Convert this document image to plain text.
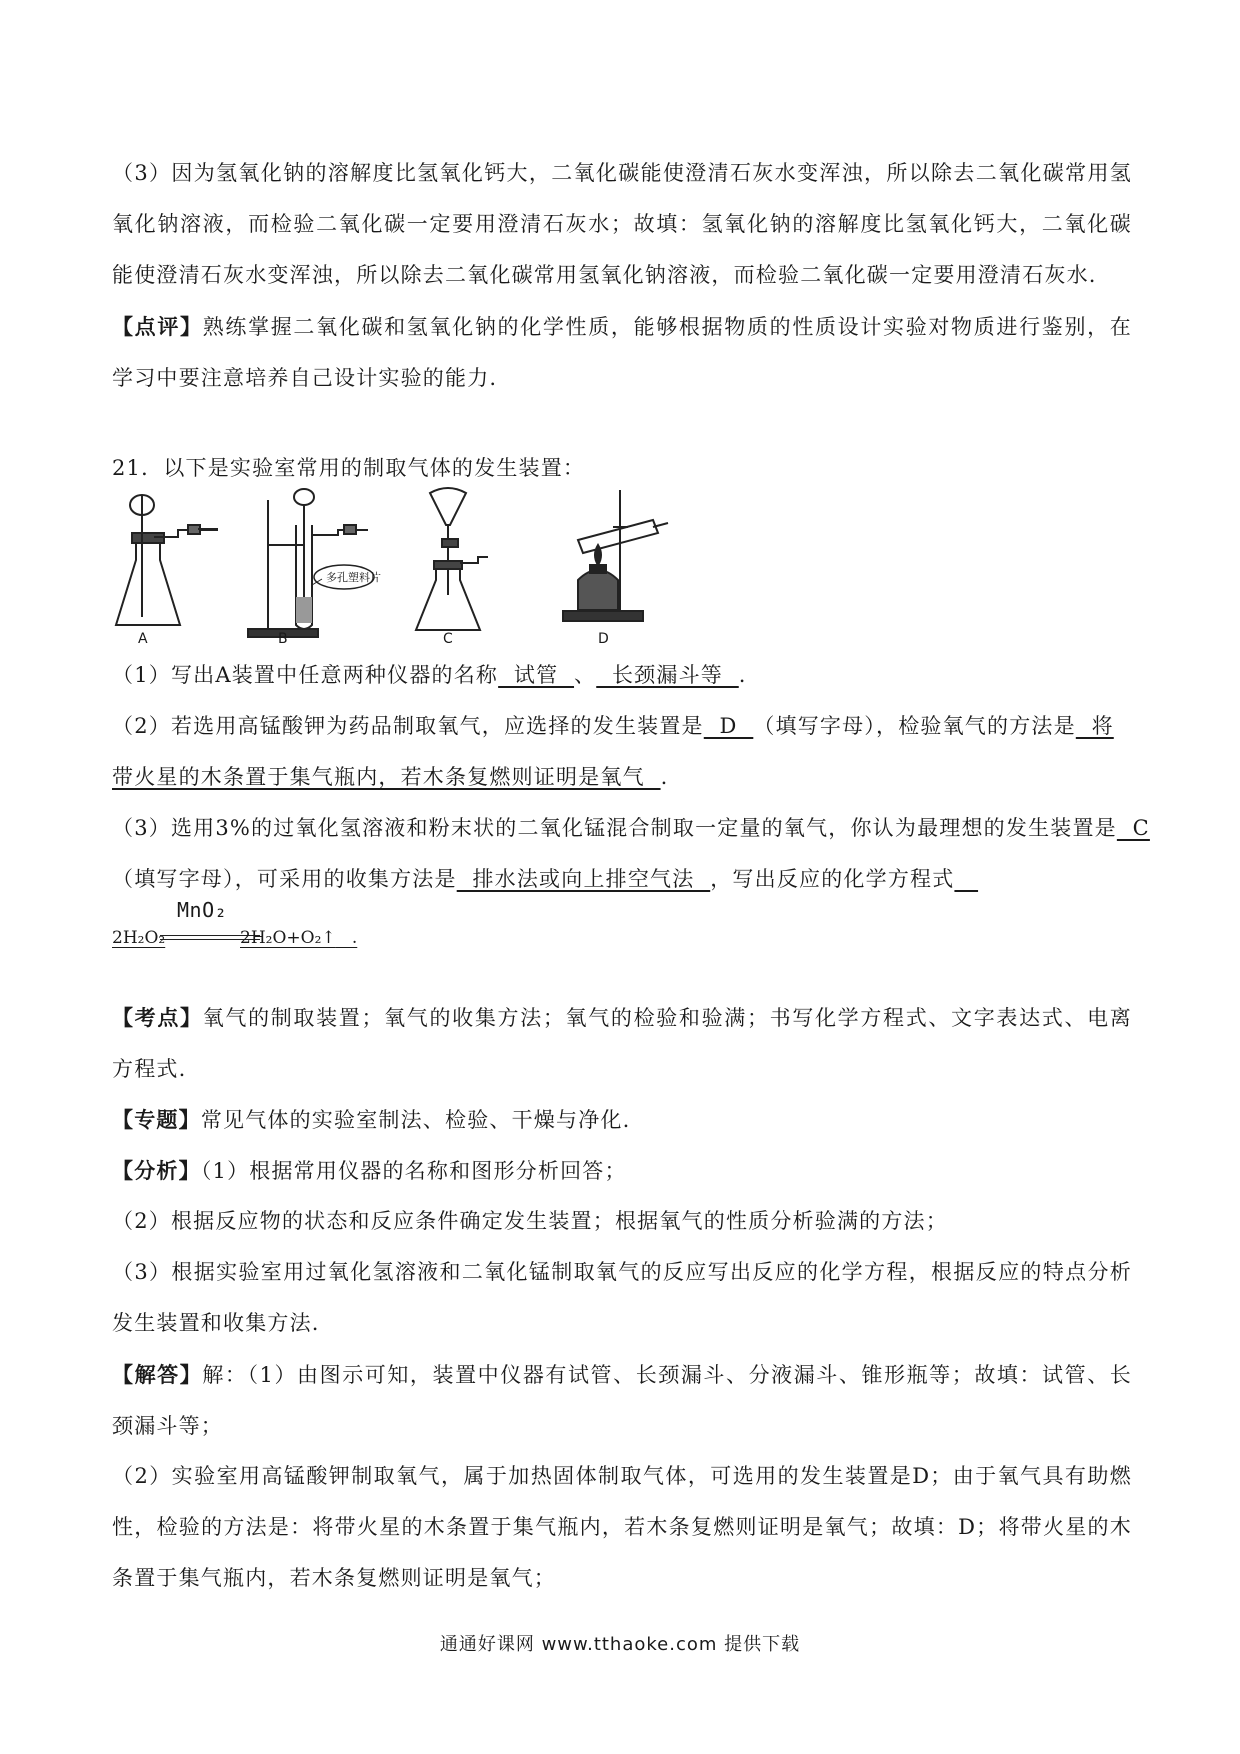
（3）因为氢氧化钠的溶解度比氢氧化钙大，二氧化碳能使澄清石灰水变浑浊，所以除去二氧化碳常用氢氧化钠溶液，而检验二氧化碳一定要用澄清石灰水；故填：氢氧化钠的溶解度比氢氧化钙大，二氧化碳能使澄清石灰水变浑浊，所以除去二氧化碳常用氢氧化钠溶液，而检验二氧化碳一定要用澄清石灰水.
【点评】熟练掌握二氧化碳和氢氧化钠的化学性质，能够根据物质的性质设计实验对物质进行鉴别，在学习中要注意培养自己设计实验的能力.
21．以下是实验室常用的制取气体的发生装置：
A	B	C	D
多孔塑料片
（1）写出A装置中任意两种仪器的名称  试管  、  长颈漏斗等  .
（2）若选用高锰酸钾为药品制取氧气，应选择的发生装置是  D  （填写字母），检验氧气的方法是  将
带火星的木条置于集气瓶内，若木条复燃则证明是氧气  .
（3）选用3%的过氧化氢溶液和粉末状的二氧化锰混合制取一定量的氧气，你认为最理想的发生装置是  C
（填写字母），可采用的收集方法是  排水法或向上排空气法  ，写出反应的化学方程式
MnO₂
2H₂O₂	2H₂O+O₂↑   .
【考点】氧气的制取装置；氧气的收集方法；氧气的检验和验满；书写化学方程式、文字表达式、电离方程式.
【专题】常见气体的实验室制法、检验、干燥与净化.
【分析】（1）根据常用仪器的名称和图形分析回答；
（2）根据反应物的状态和反应条件确定发生装置；根据氧气的性质分析验满的方法；
（3）根据实验室用过氧化氢溶液和二氧化锰制取氧气的反应写出反应的化学方程，根据反应的特点分析发生装置和收集方法.
【解答】解：（1）由图示可知，装置中仪器有试管、长颈漏斗、分液漏斗、锥形瓶等；故填：试管、长颈漏斗等；
（2）实验室用高锰酸钾制取氧气，属于加热固体制取气体，可选用的发生装置是D；由于氧气具有助燃性，检验的方法是：将带火星的木条置于集气瓶内，若木条复燃则证明是氧气；故填：D；将带火星的木条置于集气瓶内，若木条复燃则证明是氧气；
通通好课网 www.tthaoke.com 提供下载
